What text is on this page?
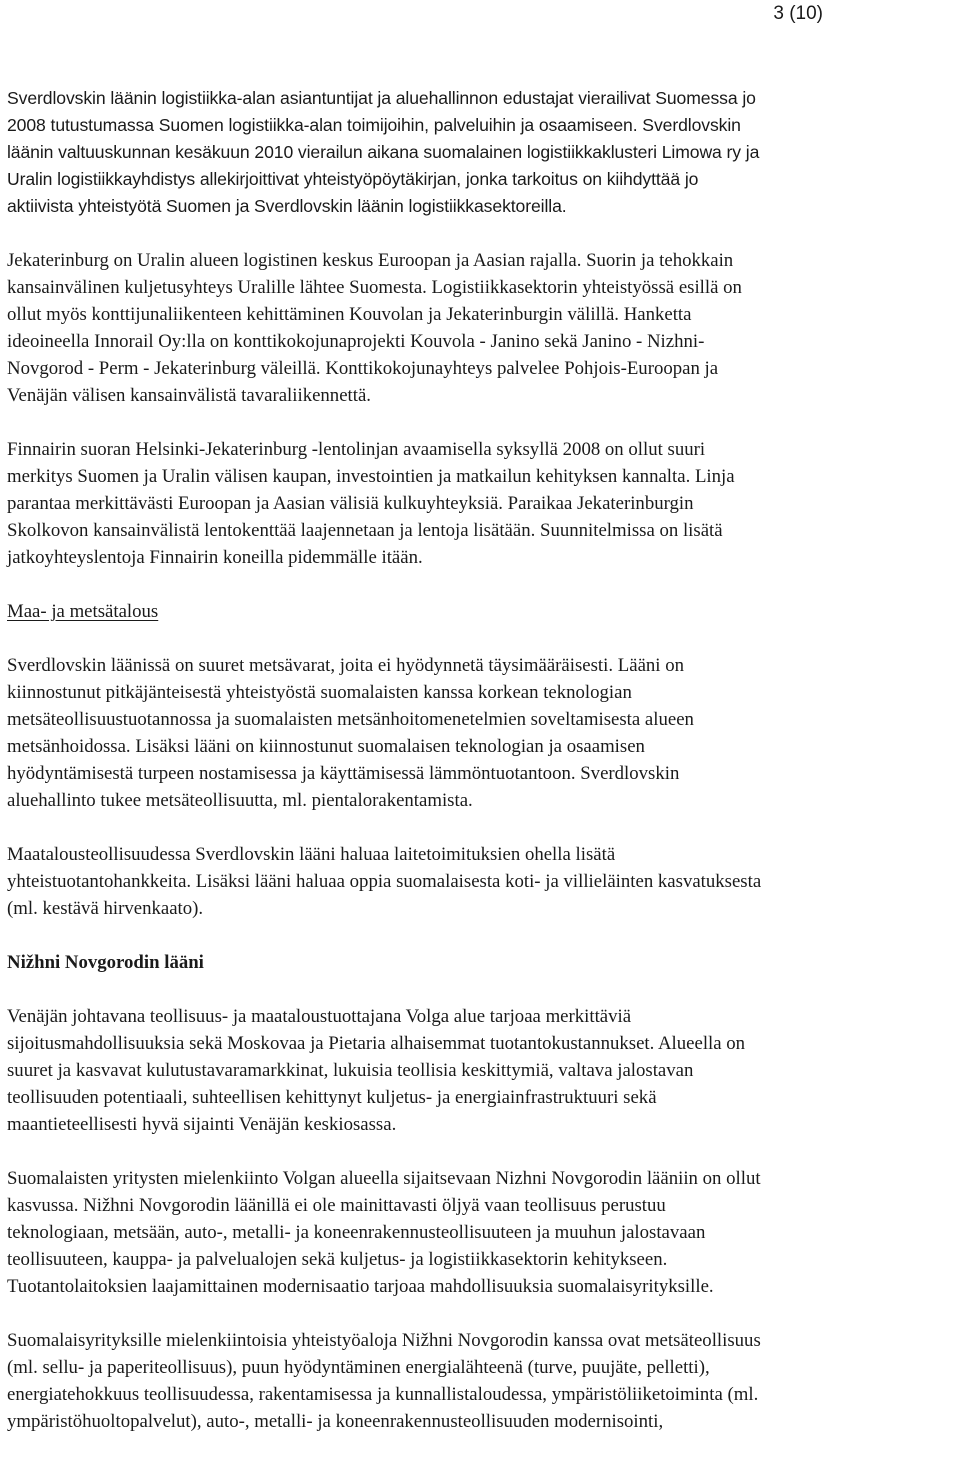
3 (10)
Sverdlovskin läänin logistiikka-alan asiantuntijat ja aluehallinnon edustajat vierailivat Suomessa jo
2008 tutustumassa Suomen logistiikka-alan toimijoihin, palveluihin ja osaamiseen. Sverdlovskin
läänin valtuuskunnan kesäkuun 2010 vierailun aikana suomalainen logistiikkaklusteri Limowa ry ja
Uralin logistiikkayhdistys allekirjoittivat yhteistyöpöytäkirjan, jonka tarkoitus on kiihdyttää jo
aktiivista yhteistyötä Suomen ja Sverdlovskin läänin logistiikkasektoreilla.
Jekaterinburg on Uralin alueen logistinen keskus Euroopan ja Aasian rajalla. Suorin ja tehokkain
kansainvälinen kuljetusyhteys Uralille lähtee Suomesta. Logistiikkasektorin yhteistyössä esillä on
ollut myös konttijunaliikenteen kehittäminen Kouvolan ja Jekaterinburgin välillä. Hanketta
ideoineella Innorail Oy:lla on konttikokojunaprojekti Kouvola - Janino sekä Janino - Nizhni-
Novgorod - Perm - Jekaterinburg väleillä. Konttikokojunayhteys palvelee Pohjois-Euroopan ja
Venäjän välisen kansainvälistä tavaraliikennettä.
Finnairin suoran Helsinki-Jekaterinburg -lentolinjan avaamisella syksyllä 2008 on ollut suuri
merkitys Suomen ja Uralin välisen kaupan, investointien ja matkailun kehityksen kannalta. Linja
parantaa merkittävästi Euroopan ja Aasian välisiä kulkuyhteyksiä. Paraikaa Jekaterinburgin
Skolkovon kansainvälistä lentokenttää laajennetaan ja lentoja lisätään. Suunnitelmissa on lisätä
jatkoyhteyslentoja Finnairin koneilla pidemmälle itään.
Maa- ja metsätalous
Sverdlovskin läänissä on suuret metsävarat, joita ei hyödynnetä täysimääräisesti. Lääni on
kiinnostunut pitkäjänteisestä yhteistyöstä suomalaisten kanssa korkean teknologian
metsäteollisuustuotannossa ja suomalaisten metsänhoitomenetelmien soveltamisesta alueen
metsänhoidossa. Lisäksi lääni on kiinnostunut suomalaisen teknologian ja osaamisen
hyödyntämisestä turpeen nostamisessa ja käyttämisessä lämmöntuotantoon. Sverdlovskin
aluehallinto tukee metsäteollisuutta, ml. pientalorakentamista.
Maatalousteollisuudessa Sverdlovskin lääni haluaa laitetoimituksien ohella lisätä
yhteistuotantohankkeita. Lisäksi lääni haluaa oppia suomalaisesta koti- ja villieläinten kasvatuksesta
(ml. kestävä hirvenkaato).
Nižhni Novgorodin lääni
Venäjän johtavana teollisuus- ja maataloustuottajana Volga alue tarjoaa merkittäviä
sijoitusmahdollisuuksia sekä Moskovaa ja Pietaria alhaisemmat tuotantokustannukset. Alueella on
suuret ja kasvavat kulutustavaramarkkinat, lukuisia teollisia keskittymiä, valtava jalostavan
teollisuuden potentiaali, suhteellisen kehittynyt kuljetus- ja energiainfrastruktuuri sekä
maantieteellisesti hyvä sijainti Venäjän keskiosassa.
Suomalaisten yritysten mielenkiinto Volgan alueella sijaitsevaan Nizhni Novgorodin lääniin on ollut
kasvussa. Nižhni Novgorodin läänillä ei ole mainittavasti öljyä vaan teollisuus perustuu
teknologiaan, metsään, auto-, metalli- ja koneenrakennusteollisuuteen ja muuhun jalostavaan
teollisuuteen, kauppa- ja palvelualojen sekä kuljetus- ja logistiikkasektorin kehitykseen.
Tuotantolaitoksien laajamittainen modernisaatio tarjoaa mahdollisuuksia suomalaisyrityksille.
Suomalaisyrityksille mielenkiintoisia yhteistyöaloja Nižhni Novgorodin kanssa ovat metsäteollisuus
(ml. sellu- ja paperiteollisuus), puun hyödyntäminen energialähteenä (turve, puujäte, pelletti),
energiatehokkuus teollisuudessa, rakentamisessa ja kunnallistaloudessa, ympäristöliiketoiminta (ml.
ympäristöhuoltopalvelut), auto-, metalli- ja koneenrakennusteollisuuden modernisointi,
